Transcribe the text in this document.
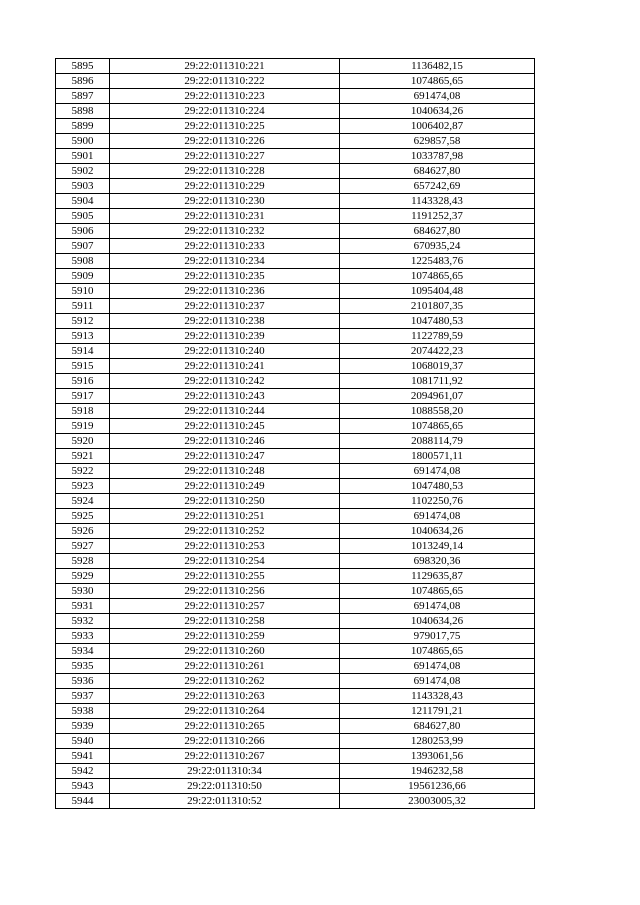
5895	29:22:011310:221	1136482,15
5896	29:22:011310:222	1074865,65
5897	29:22:011310:223	691474,08
5898	29:22:011310:224	1040634,26
5899	29:22:011310:225	1006402,87
5900	29:22:011310:226	629857,58
5901	29:22:011310:227	1033787,98
5902	29:22:011310:228	684627,80
5903	29:22:011310:229	657242,69
5904	29:22:011310:230	1143328,43
5905	29:22:011310:231	1191252,37
5906	29:22:011310:232	684627,80
5907	29:22:011310:233	670935,24
5908	29:22:011310:234	1225483,76
5909	29:22:011310:235	1074865,65
5910	29:22:011310:236	1095404,48
5911	29:22:011310:237	2101807,35
5912	29:22:011310:238	1047480,53
5913	29:22:011310:239	1122789,59
5914	29:22:011310:240	2074422,23
5915	29:22:011310:241	1068019,37
5916	29:22:011310:242	1081711,92
5917	29:22:011310:243	2094961,07
5918	29:22:011310:244	1088558,20
5919	29:22:011310:245	1074865,65
5920	29:22:011310:246	2088114,79
5921	29:22:011310:247	1800571,11
5922	29:22:011310:248	691474,08
5923	29:22:011310:249	1047480,53
5924	29:22:011310:250	1102250,76
5925	29:22:011310:251	691474,08
5926	29:22:011310:252	1040634,26
5927	29:22:011310:253	1013249,14
5928	29:22:011310:254	698320,36
5929	29:22:011310:255	1129635,87
5930	29:22:011310:256	1074865,65
5931	29:22:011310:257	691474,08
5932	29:22:011310:258	1040634,26
5933	29:22:011310:259	979017,75
5934	29:22:011310:260	1074865,65
5935	29:22:011310:261	691474,08
5936	29:22:011310:262	691474,08
5937	29:22:011310:263	1143328,43
5938	29:22:011310:264	1211791,21
5939	29:22:011310:265	684627,80
5940	29:22:011310:266	1280253,99
5941	29:22:011310:267	1393061,56
5942	29:22:011310:34	1946232,58
5943	29:22:011310:50	19561236,66
5944	29:22:011310:52	23003005,32
